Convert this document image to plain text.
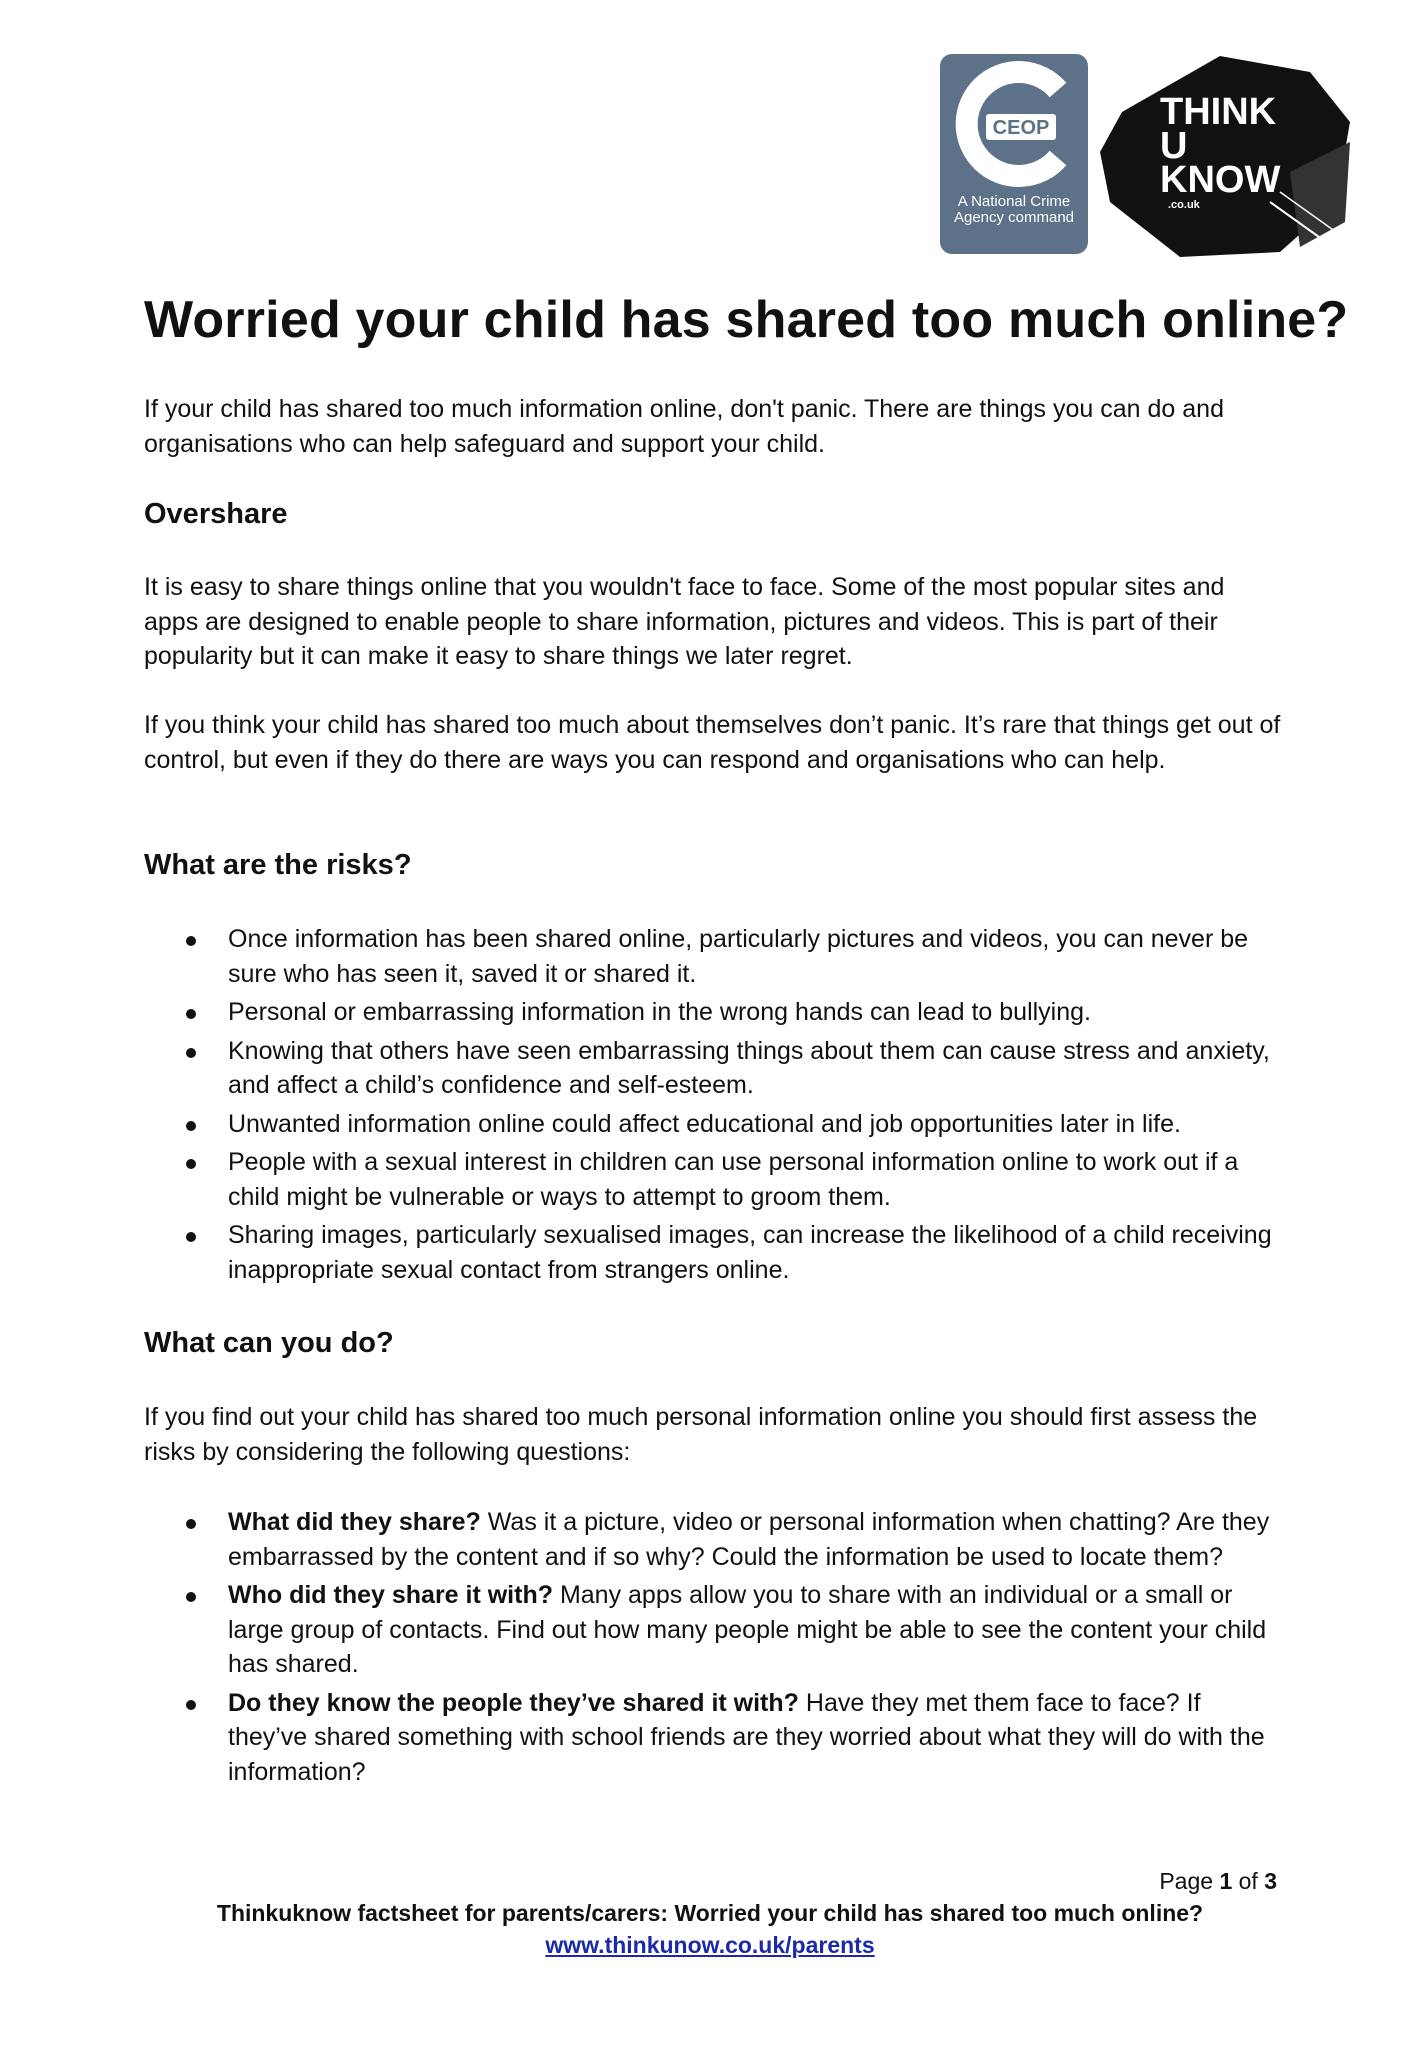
CEOP
A National Crime Agency command
THINK
U
KNOW
.co.uk
Worried your child has shared too much online?
If your child has shared too much information online, don't panic. There are things you can do and organisations who can help safeguard and support your child.
Overshare
It is easy to share things online that you wouldn't face to face. Some of the most popular sites and apps are designed to enable people to share information, pictures and videos. This is part of their popularity but it can make it easy to share things we later regret.
If you think your child has shared too much about themselves don’t panic. It’s rare that things get out of control, but even if they do there are ways you can respond and organisations who can help.
What are the risks?
Once information has been shared online, particularly pictures and videos, you can never be sure who has seen it, saved it or shared it.
Personal or embarrassing information in the wrong hands can lead to bullying.
Knowing that others have seen embarrassing things about them can cause stress and anxiety, and affect a child’s confidence and self-esteem.
Unwanted information online could affect educational and job opportunities later in life.
People with a sexual interest in children can use personal information online to work out if a child might be vulnerable or ways to attempt to groom them.
Sharing images, particularly sexualised images, can increase the likelihood of a child receiving inappropriate sexual contact from strangers online.
What can you do?
If you find out your child has shared too much personal information online you should first assess the risks by considering the following questions:
What did they share? Was it a picture, video or personal information when chatting? Are they embarrassed by the content and if so why? Could the information be used to locate them?
Who did they share it with? Many apps allow you to share with an individual or a small or large group of contacts. Find out how many people might be able to see the content your child has shared.
Do they know the people they’ve shared it with? Have they met them face to face? If they’ve shared something with school friends are they worried about what they will do with the information?
Page 1 of 3
Thinkuknow factsheet for parents/carers: Worried your child has shared too much online?
www.thinkunow.co.uk/parents
